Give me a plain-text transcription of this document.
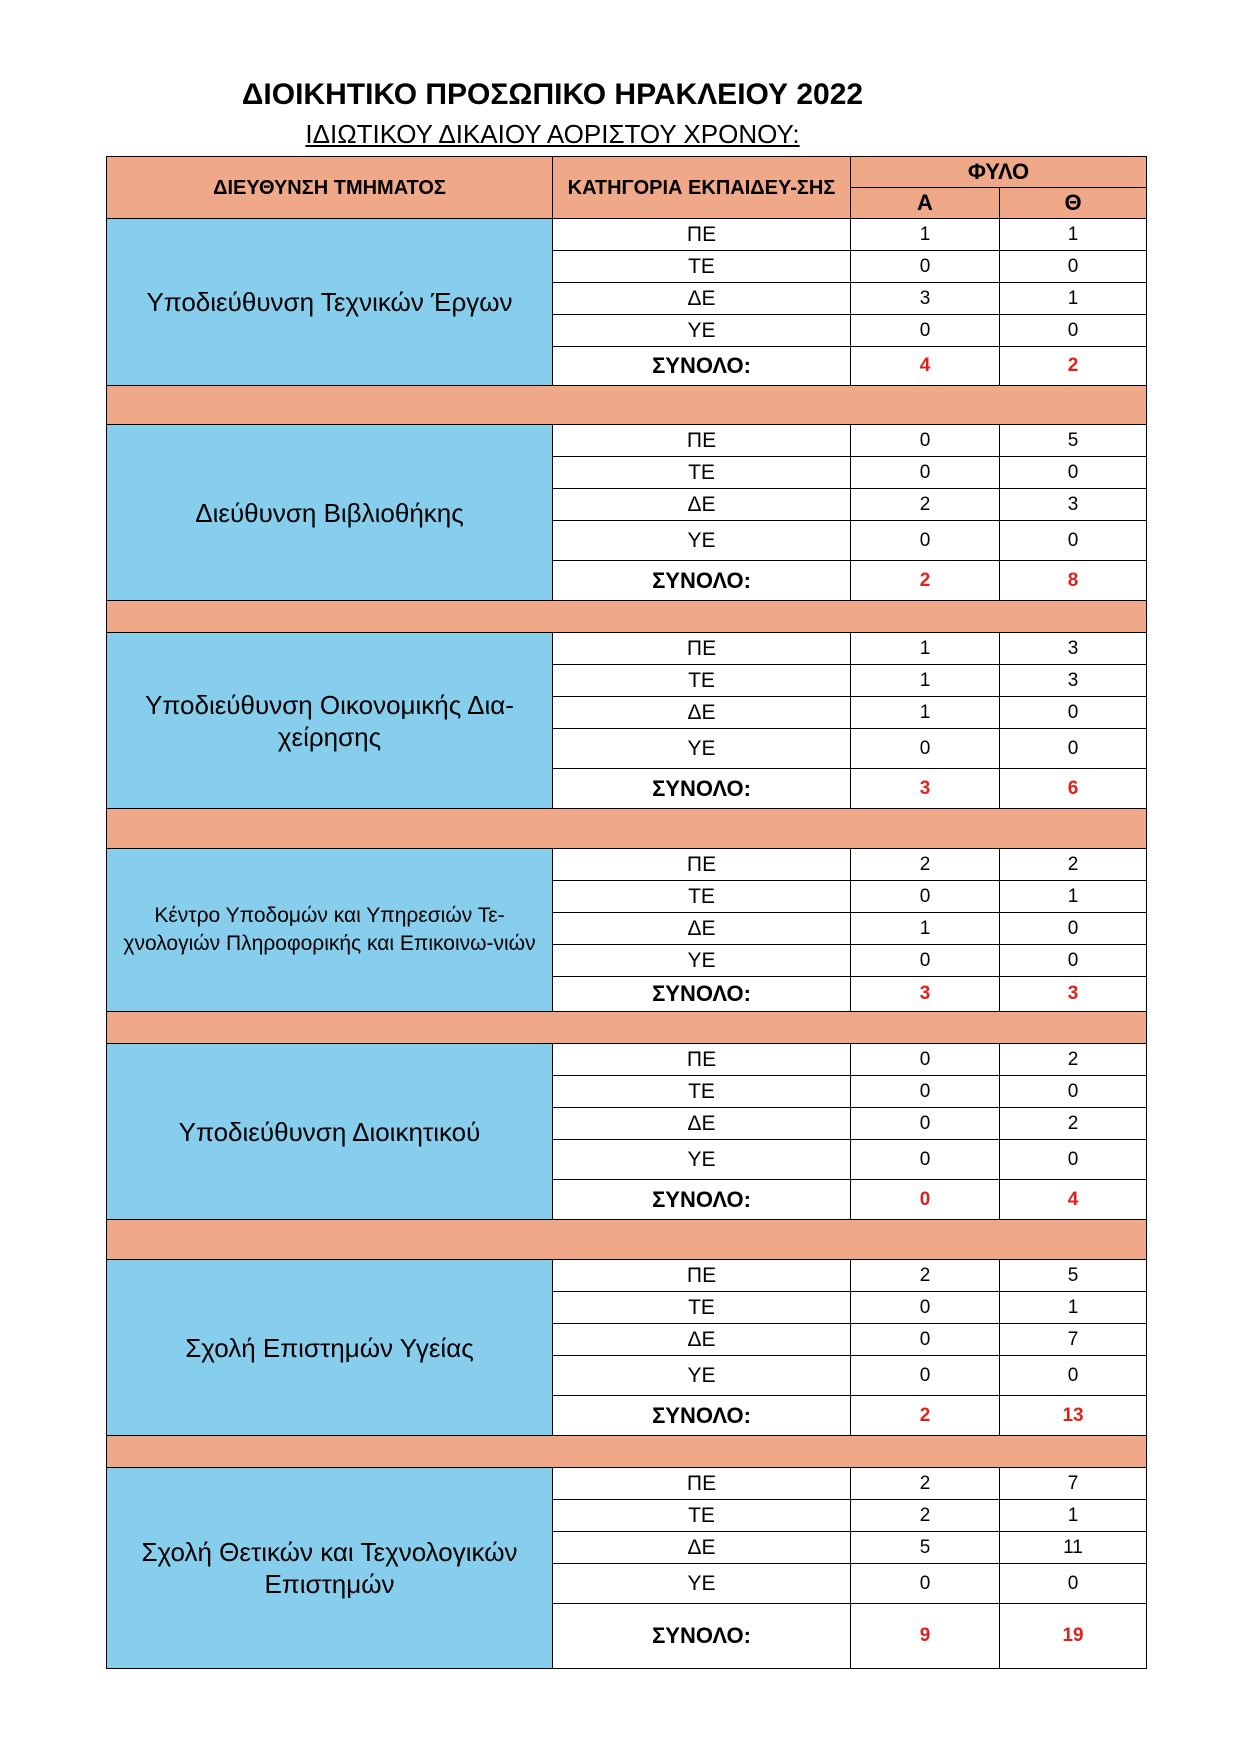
ΔΙΟΙΚΗΤΙΚΟ ΠΡΟΣΩΠΙΚΟ ΗΡΑΚΛΕΙΟΥ 2022
ΙΔΙΩΤΙΚΟΥ ΔΙΚΑΙΟΥ ΑΟΡΙΣΤΟΥ ΧΡΟΝΟΥ:
ΔΙΕΥΘΥΝΣΗ ΤΜΗΜΑΤΟΣ	ΚΑΤΗΓΟΡΙΑ ΕΚΠΑΙΔΕΥ-ΣΗΣ	ΦΥΛΟ	
		Α	Θ
Υποδιεύθυνση Τεχνικών Έργων	ΠΕ	1	1
	ΤΕ	0	0
	ΔΕ	3	1
	ΥΕ	0	0
	ΣΥΝΟΛΟ:	4	2

Διεύθυνση Βιβλιοθήκης	ΠΕ	0	5
	ΤΕ	0	0
	ΔΕ	2	3
	ΥΕ	0	0
	ΣΥΝΟΛΟ:	2	8

Υποδιεύθυνση Οικονομικής Δια-χείρησης	ΠΕ	1	3
	ΤΕ	1	3
	ΔΕ	1	0
	ΥΕ	0	0
	ΣΥΝΟΛΟ:	3	6

Κέντρο Υποδομών και Υπηρεσιών Τε-χνολογιών Πληροφορικής και Επικοινω-νιών	ΠΕ	2	2
	ΤΕ	0	1
	ΔΕ	1	0
	ΥΕ	0	0
	ΣΥΝΟΛΟ:	3	3

Υποδιεύθυνση Διοικητικού	ΠΕ	0	2
	ΤΕ	0	0
	ΔΕ	0	2
	ΥΕ	0	0
	ΣΥΝΟΛΟ:	0	4

Σχολή Επιστημών Υγείας	ΠΕ	2	5
	ΤΕ	0	1
	ΔΕ	0	7
	ΥΕ	0	0
	ΣΥΝΟΛΟ:	2	13

Σχολή Θετικών και Τεχνολογικών Επιστημών	ΠΕ	2	7
	ΤΕ	2	1
	ΔΕ	5	11
	ΥΕ	0	0
	ΣΥΝΟΛΟ:	9	19
